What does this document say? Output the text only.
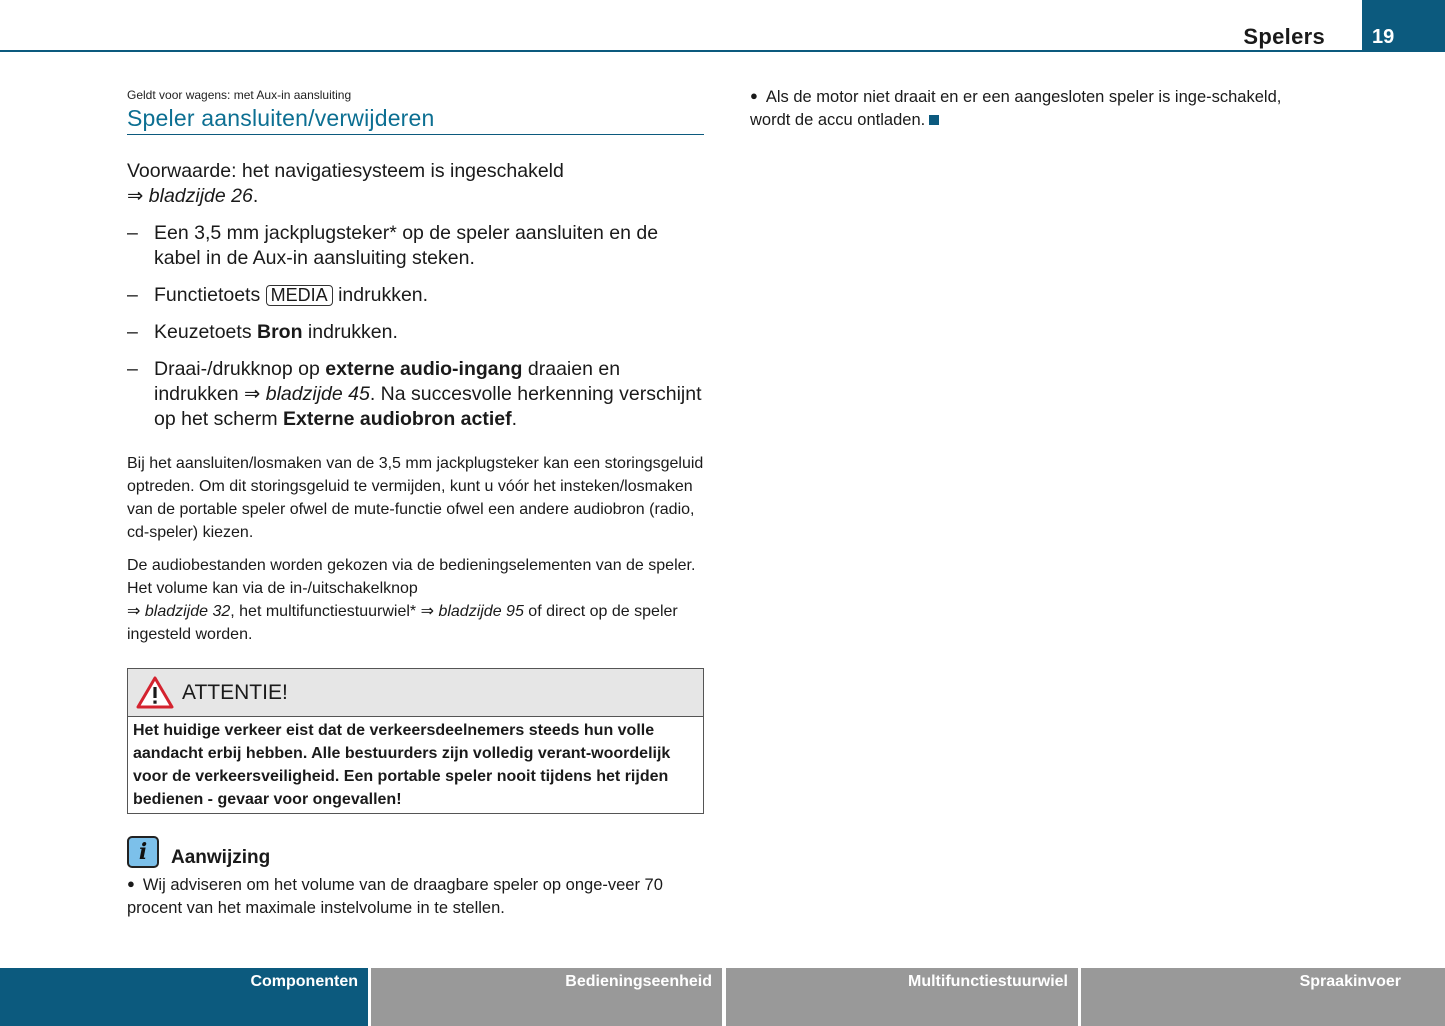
Spelers	19
Geldt voor wagens: met Aux-in aansluiting
Speler aansluiten/verwijderen
Voorwaarde: het navigatiesysteem is ingeschakeld
⇒ bladzijde 26.
– Een 3,5 mm jackplugsteker* op de speler aansluiten en de kabel in de Aux-in aansluiting steken.
– Functietoets MEDIA indrukken.
– Keuzetoets Bron indrukken.
– Draai-/drukknop op externe audio-ingang draaien en indrukken ⇒ bladzijde 45. Na succesvolle herkenning verschijnt op het scherm Externe audiobron actief.
Bij het aansluiten/losmaken van de 3,5 mm jackplugsteker kan een storingsgeluid optreden. Om dit storingsgeluid te vermijden, kunt u vóór het insteken/losmaken van de portable speler ofwel de mute-functie ofwel een andere audiobron (radio, cd-speler) kiezen.
De audiobestanden worden gekozen via de bedieningselementen van de speler. Het volume kan via de in-/uitschakelknop
⇒ bladzijde 32, het multifunctiestuurwiel* ⇒ bladzijde 95 of direct op de speler ingesteld worden.
ATTENTIE!
Het huidige verkeer eist dat de verkeersdeelnemers steeds hun volle aandacht erbij hebben. Alle bestuurders zijn volledig verant-woordelijk voor de verkeersveiligheid. Een portable speler nooit tijdens het rijden bedienen - gevaar voor ongevallen!
i	Aanwijzing
● Wij adviseren om het volume van de draagbare speler op onge-veer 70 procent van het maximale instelvolume in te stellen.
● Als de motor niet draait en er een aangesloten speler is inge-schakeld, wordt de accu ontladen.
Componenten	Bedieningseenheid	Multifunctiestuurwiel	Spraakinvoer
